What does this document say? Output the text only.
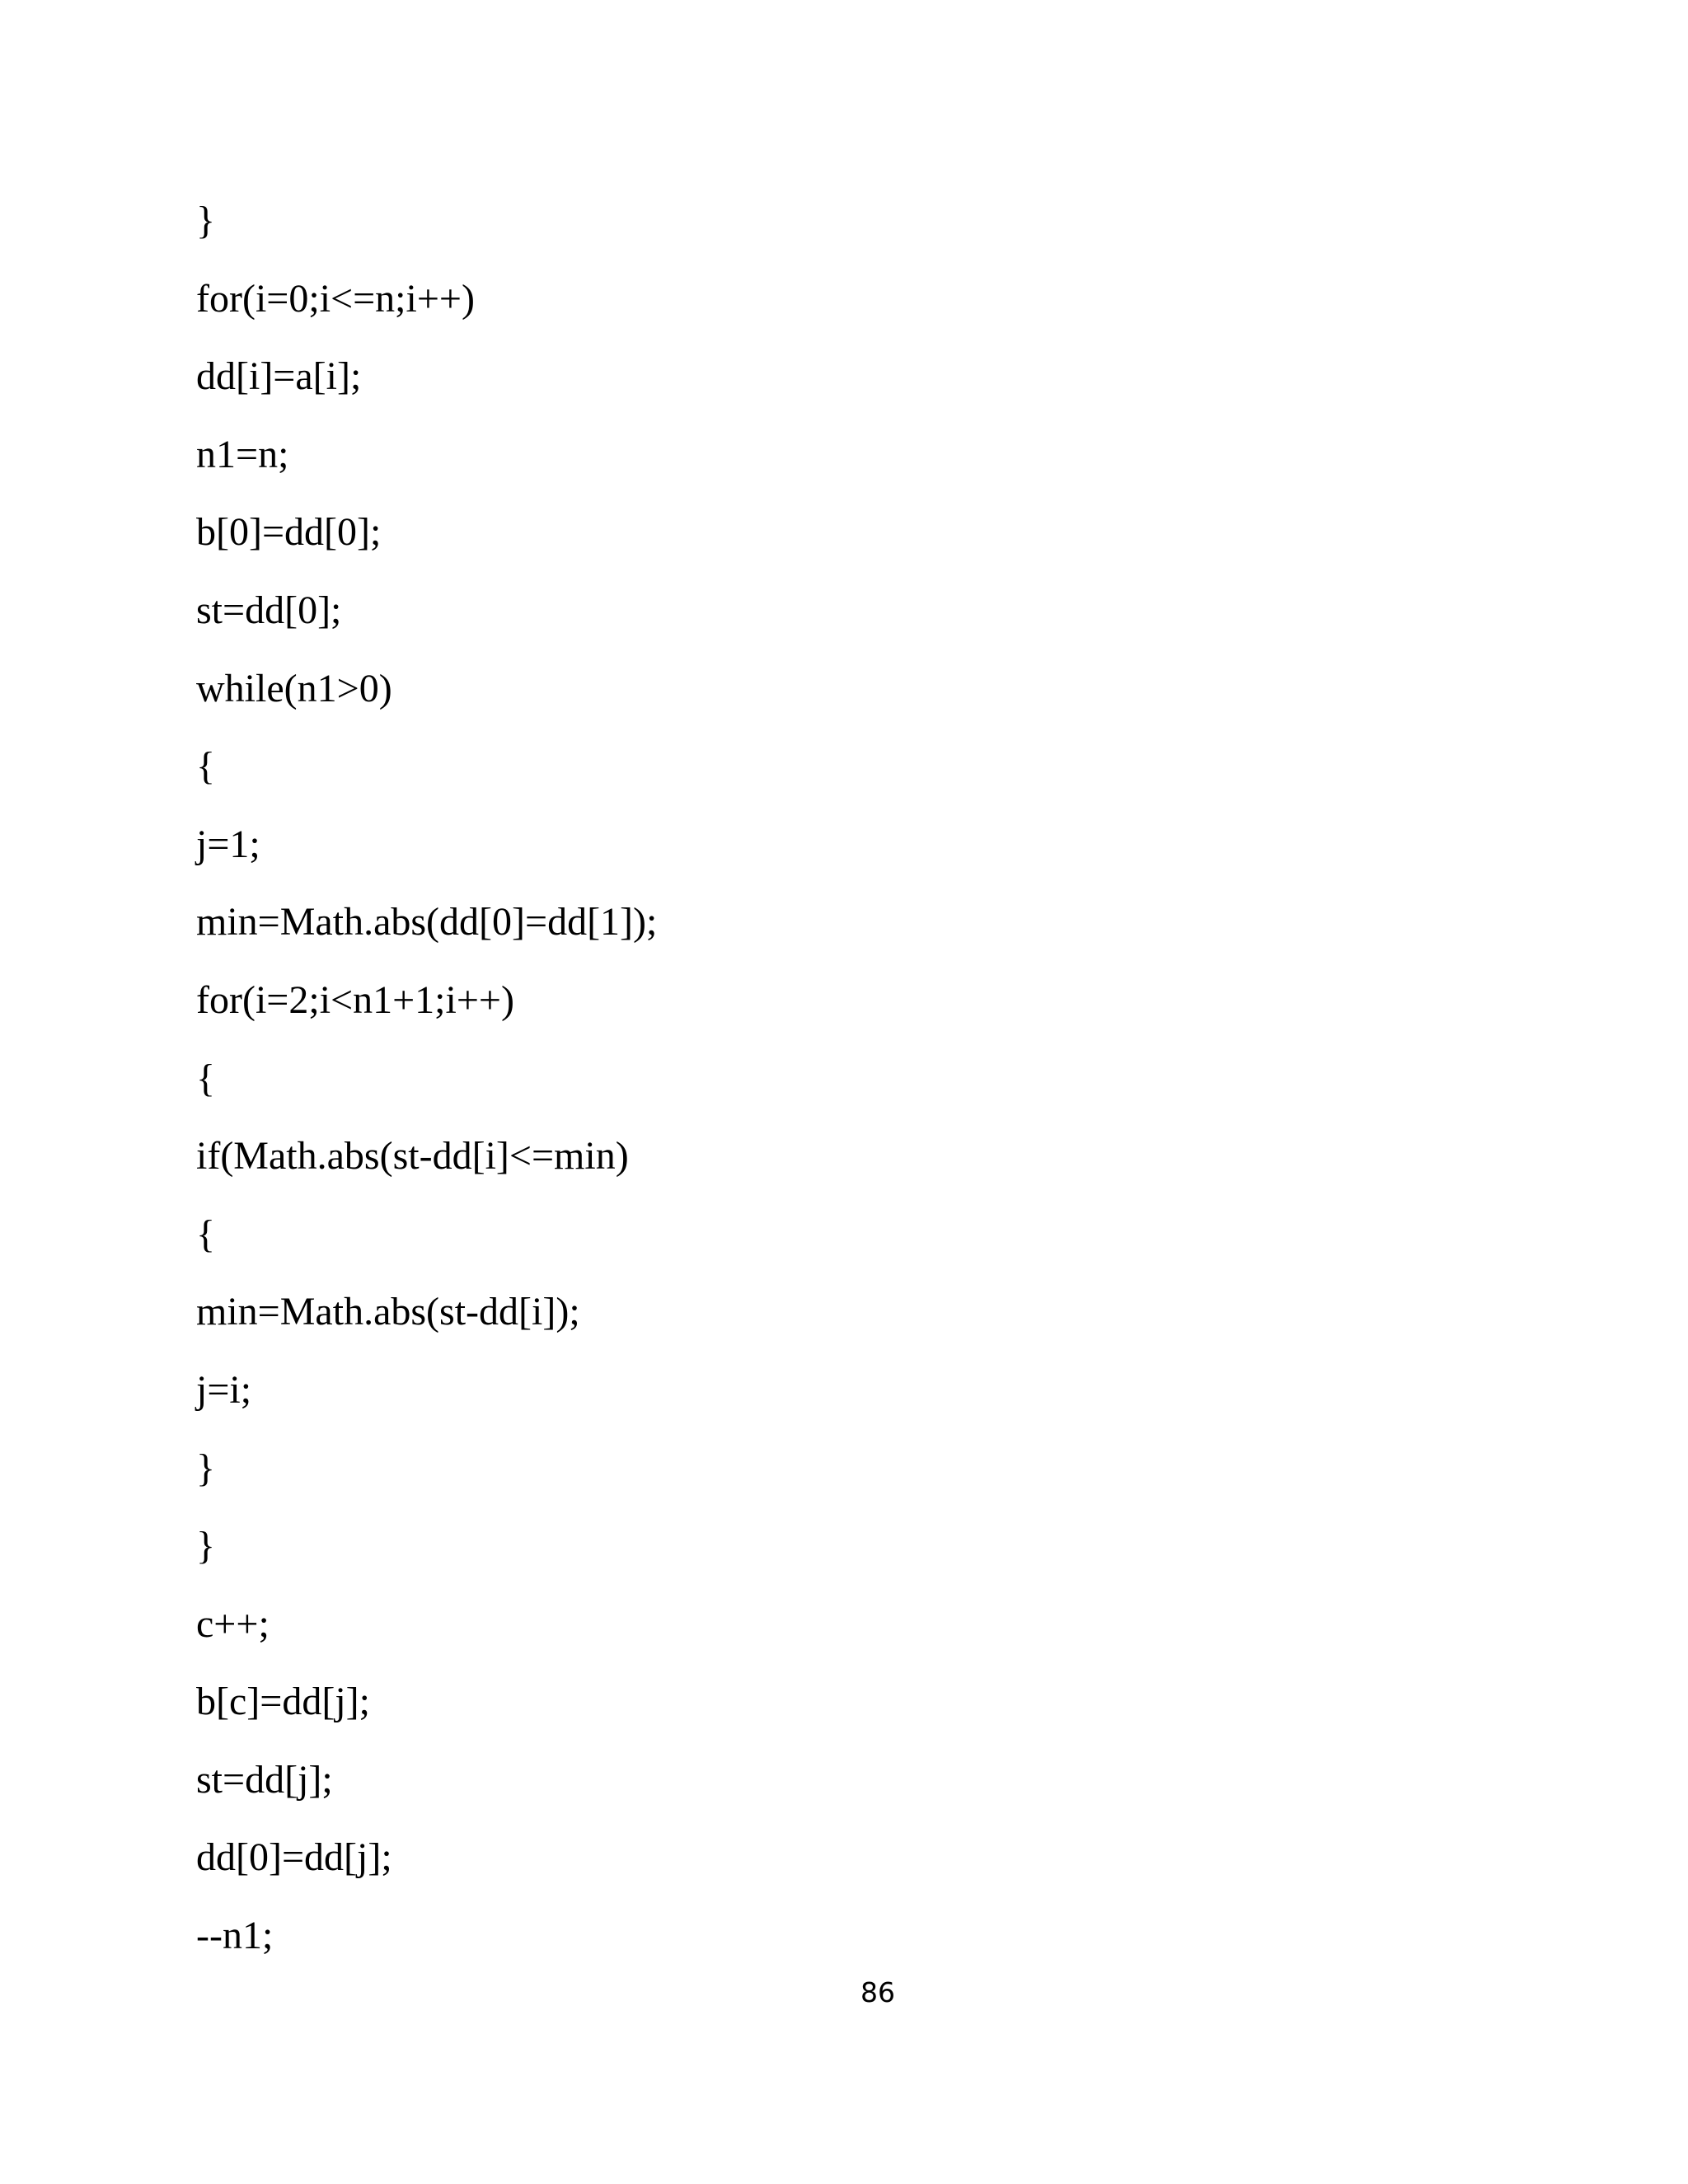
}
for(i=0;i<=n;i++)
dd[i]=a[i];
n1=n;
b[0]=dd[0];
st=dd[0];
while(n1>0)
{
j=1;
min=Math.abs(dd[0]=dd[1]);
for(i=2;i<n1+1;i++)
{
if(Math.abs(st-dd[i]<=min)
{
min=Math.abs(st-dd[i]);
j=i;
}
}
c++;
b[c]=dd[j];
st=dd[j];
dd[0]=dd[j];
--n1;
86
